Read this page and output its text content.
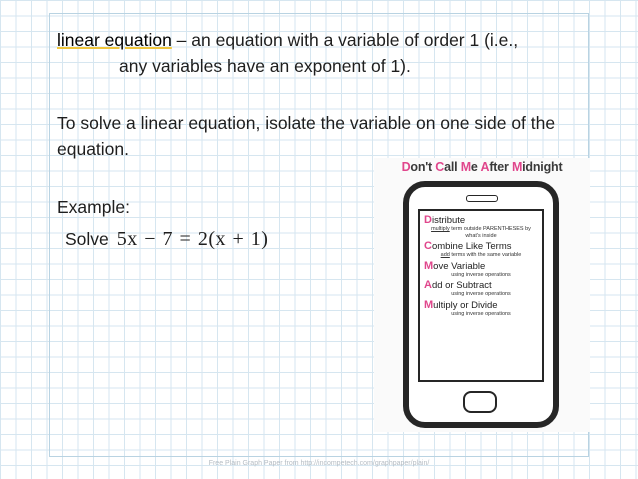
linear equation – an equation with a variable of order 1 (i.e.,
any variables have an exponent of 1).
To solve a linear equation, isolate the variable on one side of the equation.
Example:
Solve 5x − 7 = 2(x + 1)
Don't Call Me After Midnight
Distribute
multiply term outside PARENTHESES by what's inside
Combine Like Terms
add terms with the same variable
Move Variable
using inverse operations
Add or Subtract
using inverse operations
Multiply or Divide
using inverse operations
Free Plain Graph Paper from http://incompetech.com/graphpaper/plain/
